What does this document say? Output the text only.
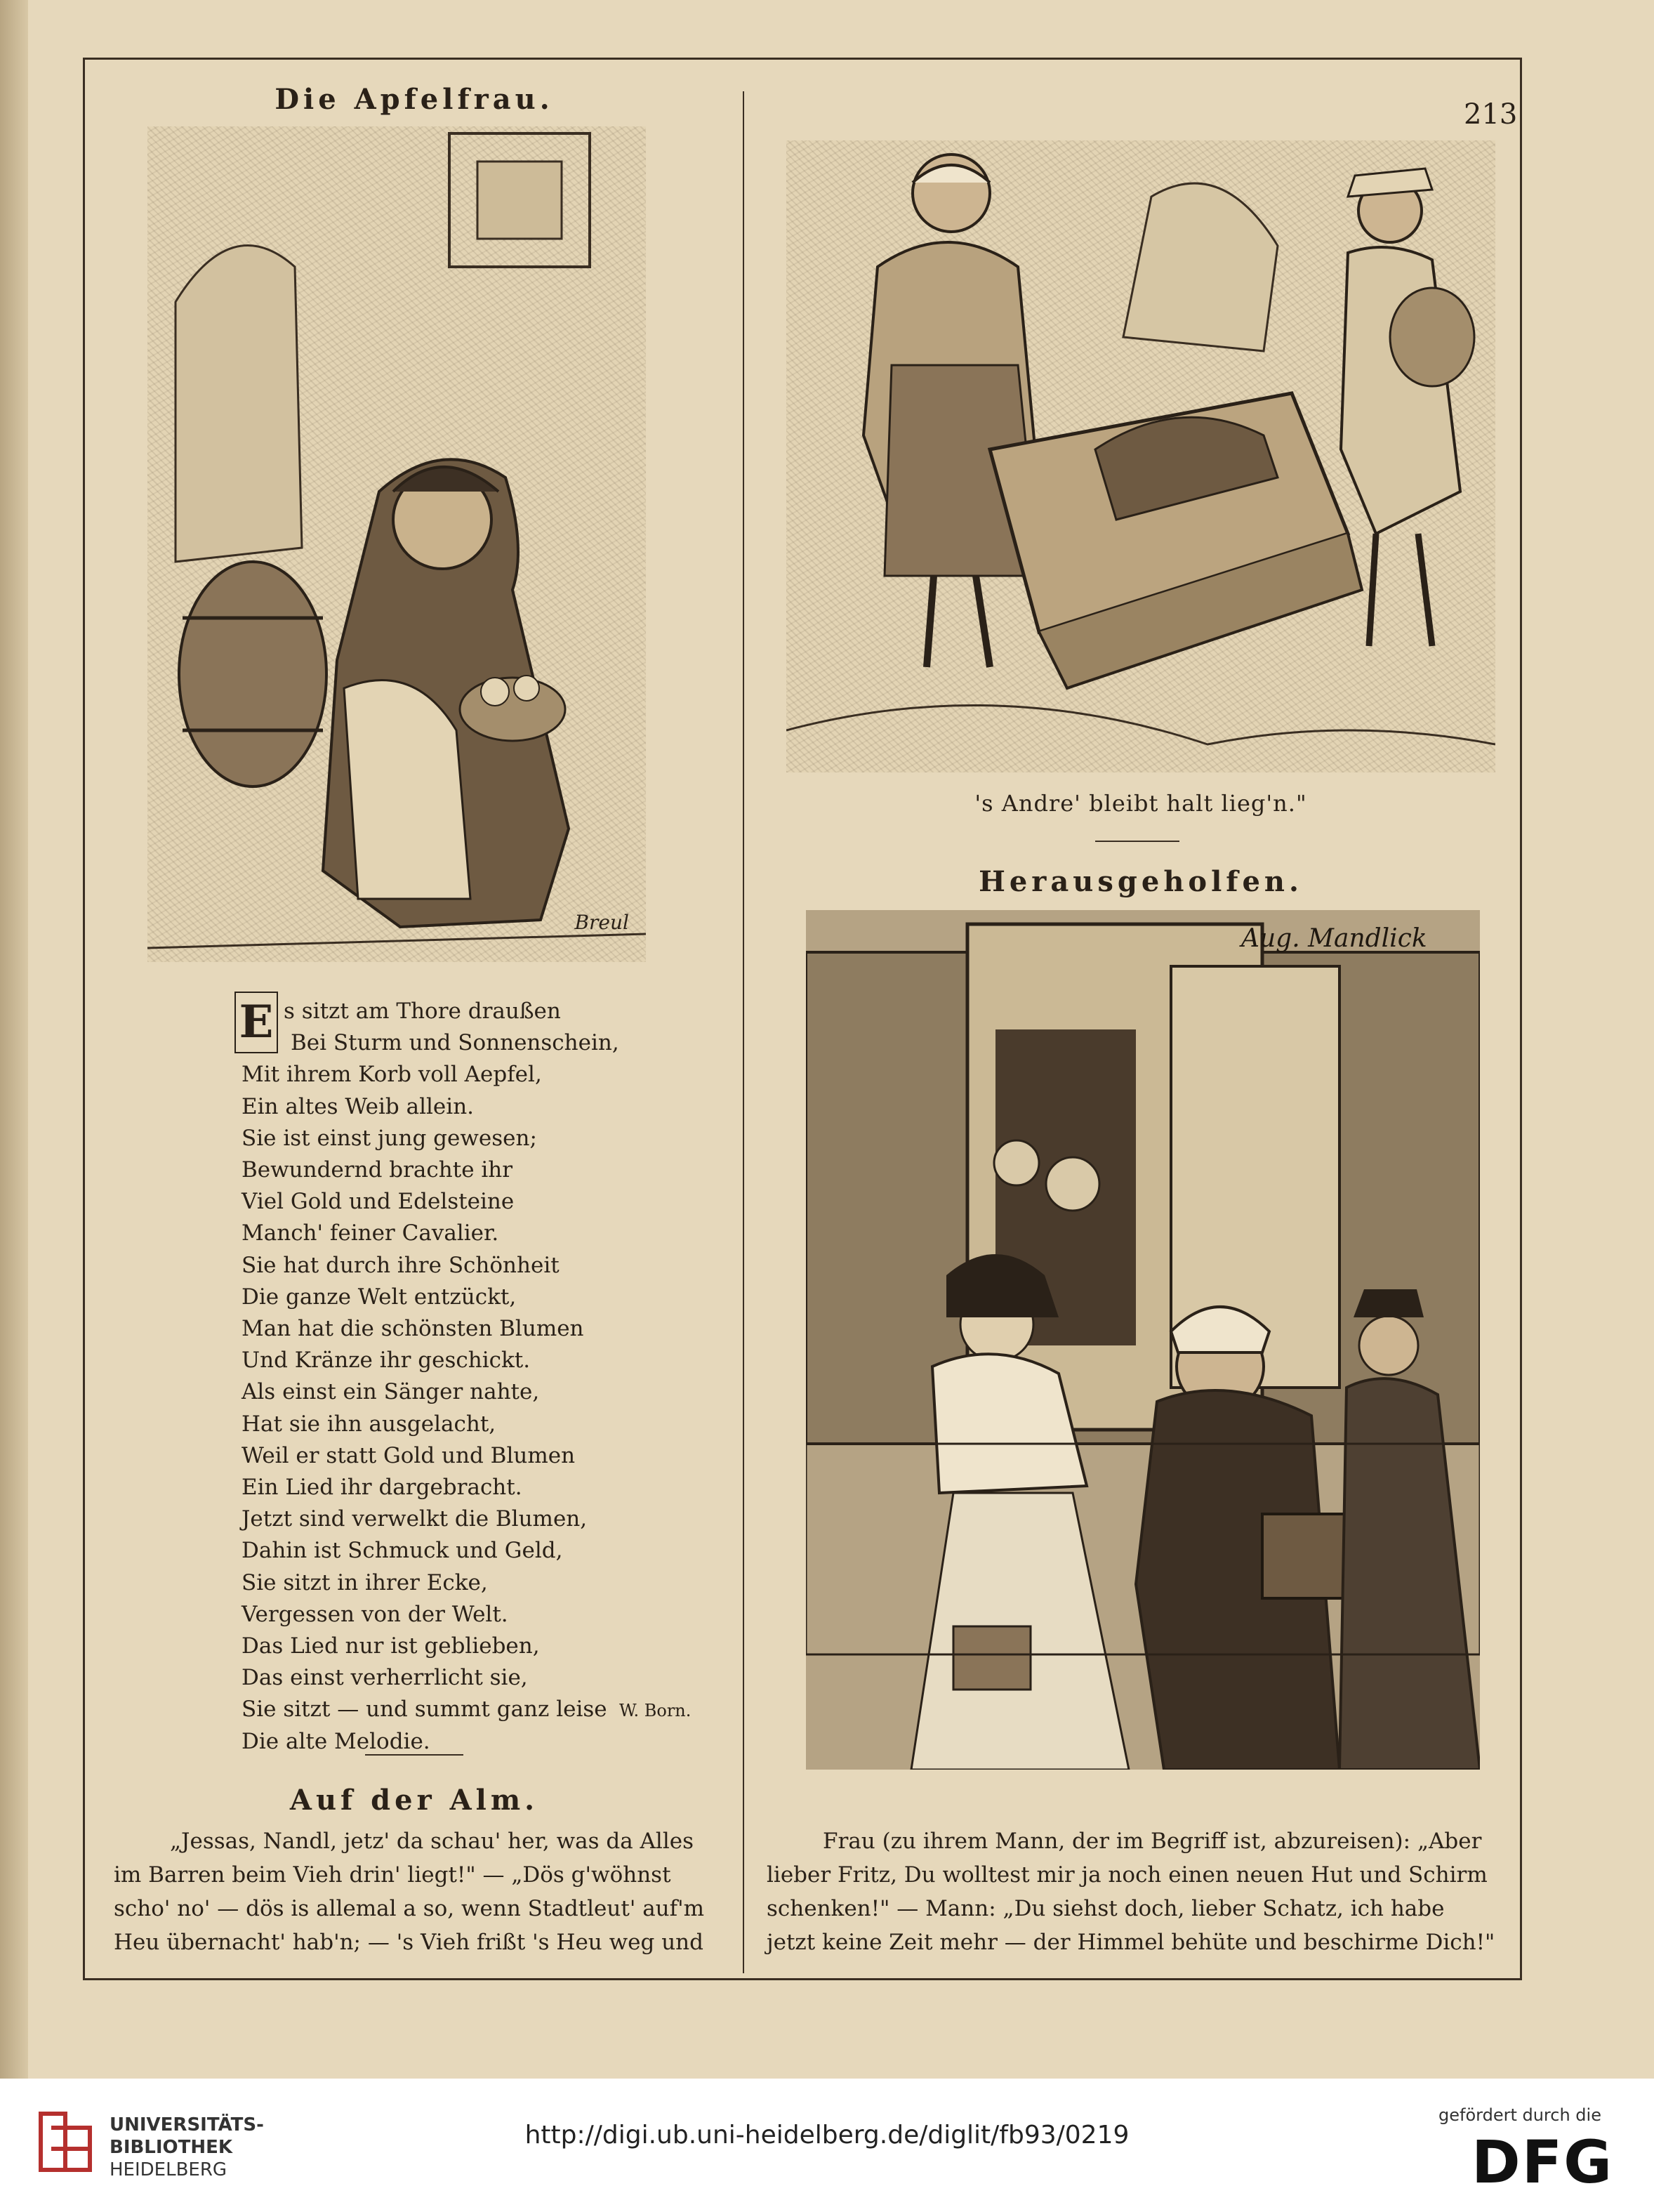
213
Die Apfelfrau.
Breul
E s sitzt am Thore draußen
Bei Sturm und Sonnenschein,
Mit ihrem Korb voll Aepfel,
Ein altes Weib allein.
Sie ist einst jung gewesen;
Bewundernd brachte ihr
Viel Gold und Edelsteine
Manch' feiner Cavalier.
Sie hat durch ihre Schönheit
Die ganze Welt entzückt,
Man hat die schönsten Blumen
Und Kränze ihr geschickt.
Als einst ein Sänger nahte,
Hat sie ihn ausgelacht,
Weil er statt Gold und Blumen
Ein Lied ihr dargebracht.
Jetzt sind verwelkt die Blumen,
Dahin ist Schmuck und Geld,
Sie sitzt in ihrer Ecke,
Vergessen von der Welt.
Das Lied nur ist geblieben,
Das einst verherrlicht sie,
Sie sitzt — und summt ganz leise
Die alte Melodie.
W. Born.
Auf der Alm.
„Jessas, Nandl, jetz' da schau' her, was da Alles
im Barren beim Vieh drin' liegt!" — „Dös g'wöhnst
scho' no' — dös is allemal a so, wenn Stadtleut' auf'm
Heu übernacht' hab'n; — 's Vieh frißt 's Heu weg und
's Andre' bleibt halt lieg'n."
Herausgeholfen.
Aug. Mandlick
Frau (zu ihrem Mann, der im Begriff ist, abzureisen): „Aber
lieber Fritz, Du wolltest mir ja noch einen neuen Hut und Schirm
schenken!" — Mann: „Du siehst doch, lieber Schatz, ich habe
jetzt keine Zeit mehr — der Himmel behüte und beschirme Dich!"
UNIVERSITÄTS-
BIBLIOTHEK
HEIDELBERG
http://digi.ub.uni-heidelberg.de/diglit/fb93/0219
gefördert durch die
DFG
